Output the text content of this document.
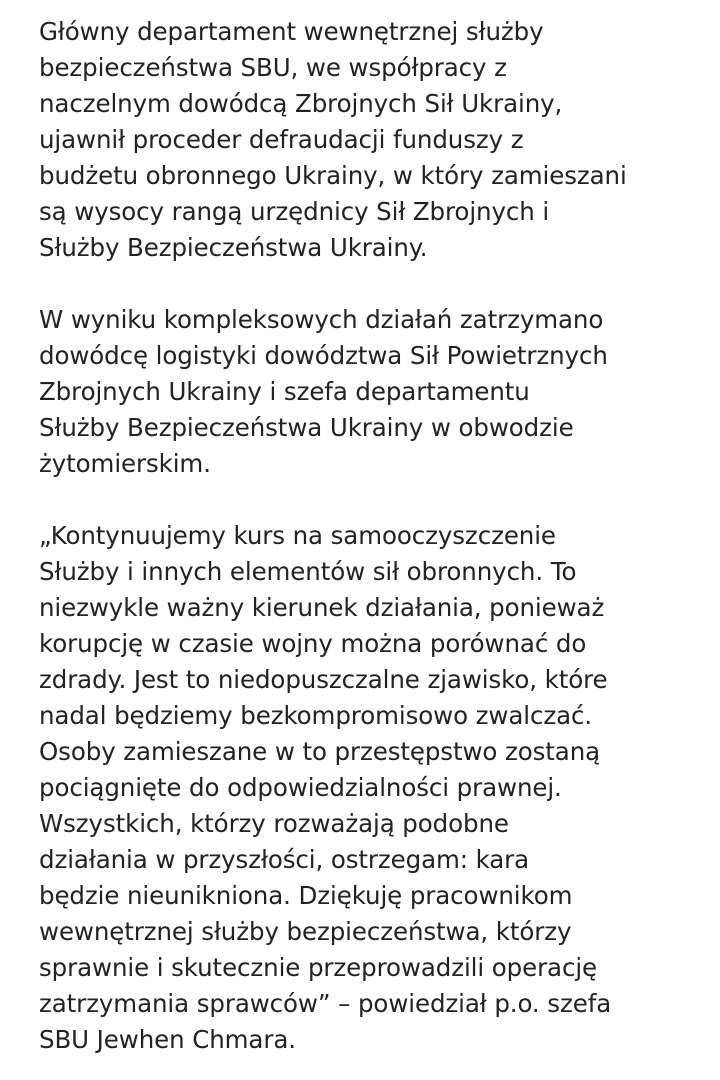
Główny departament wewnętrznej służby
bezpieczeństwa SBU, we współpracy z
naczelnym dowódcą Zbrojnych Sił Ukrainy,
ujawnił proceder defraudacji funduszy z
budżetu obronnego Ukrainy, w który zamieszani
są wysocy rangą urzędnicy Sił Zbrojnych i
Służby Bezpieczeństwa Ukrainy.

W wyniku kompleksowych działań zatrzymano
dowódcę logistyki dowództwa Sił Powietrznych
Zbrojnych Ukrainy i szefa departamentu
Służby Bezpieczeństwa Ukrainy w obwodzie
żytomierskim.

„Kontynuujemy kurs na samooczyszczenie
Służby i innych elementów sił obronnych. To
niezwykle ważny kierunek działania, ponieważ
korupcję w czasie wojny można porównać do
zdrady. Jest to niedopuszczalne zjawisko, które
nadal będziemy bezkompromisowo zwalczać.
Osoby zamieszane w to przestępstwo zostaną
pociągnięte do odpowiedzialności prawnej.
Wszystkich, którzy rozważają podobne
działania w przyszłości, ostrzegam: kara
będzie nieunikniona. Dziękuję pracownikom
wewnętrznej służby bezpieczeństwa, którzy
sprawnie i skutecznie przeprowadzili operację
zatrzymania sprawców” – powiedział p.o. szefa
SBU Jewhen Chmara.
